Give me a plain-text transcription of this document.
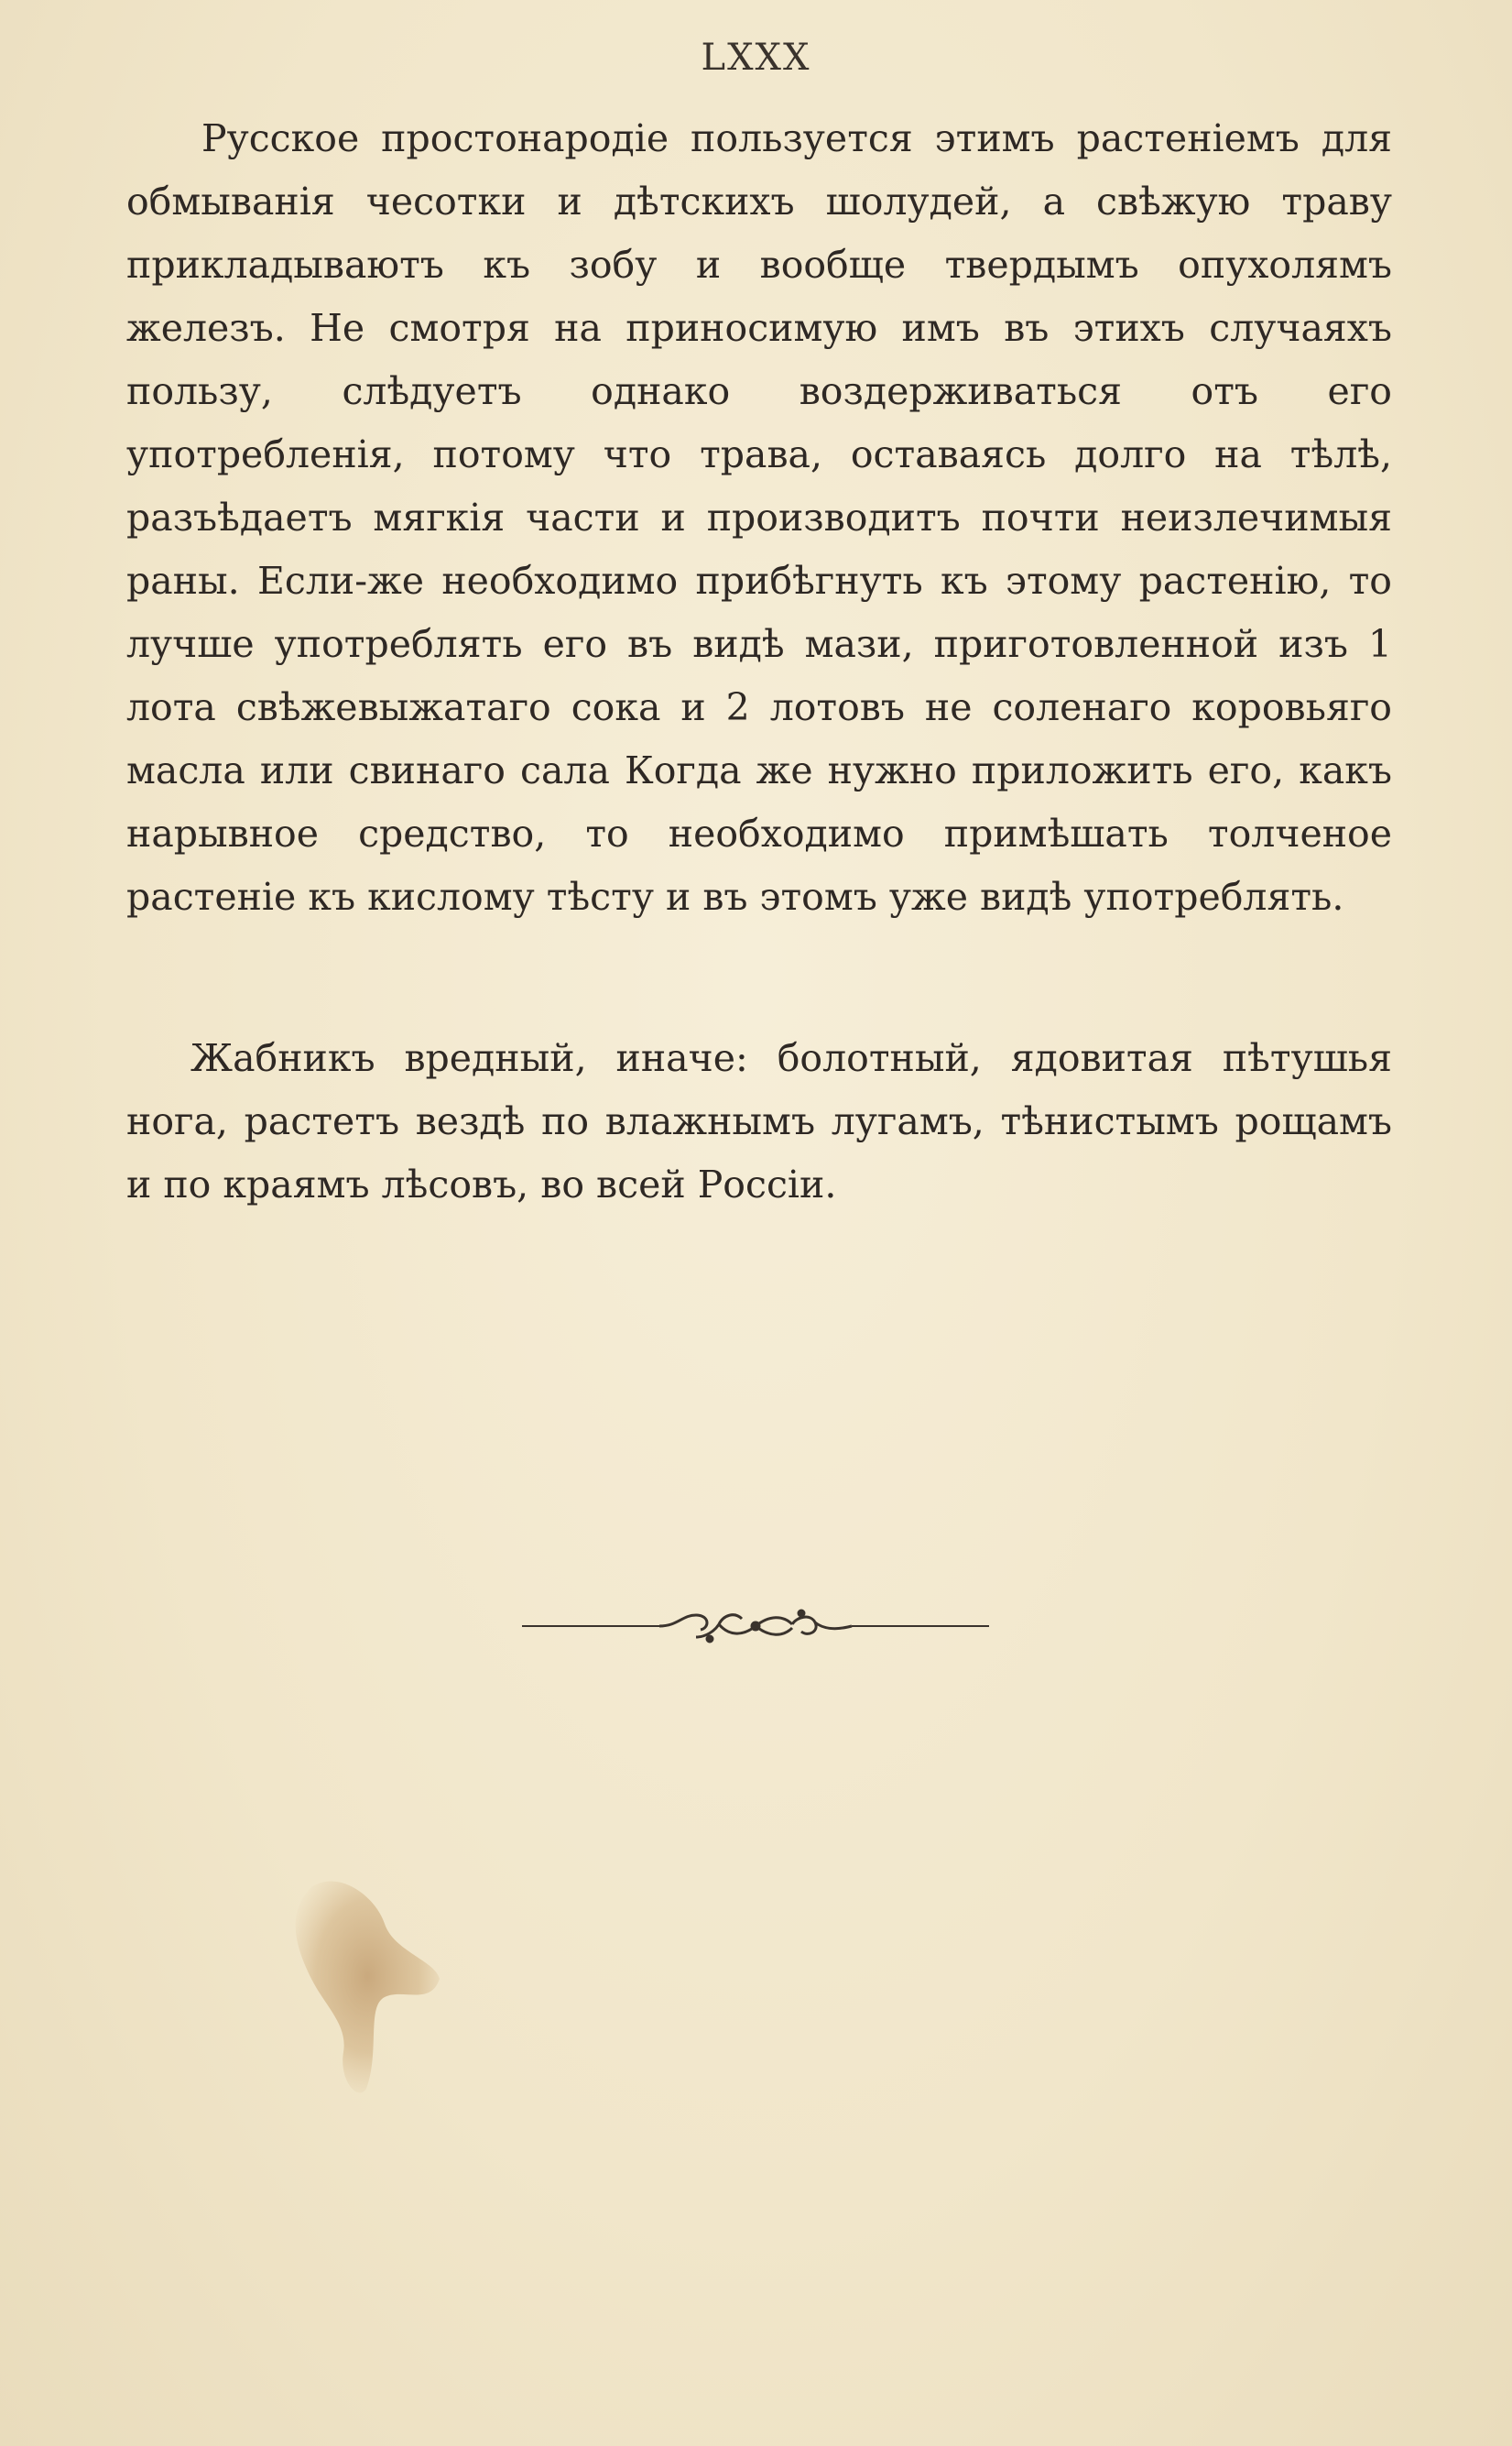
LXXX
Русское простонародіе пользуется этимъ растеніемъ для обмыванія чесотки и дѣтскихъ шолудей, а свѣжую траву прикладываютъ къ зобу и вообще твердымъ опухолямъ железъ. Не смотря на приносимую имъ въ этихъ случаяхъ пользу, слѣдуетъ однако воздерживаться отъ его употребленія, потому что трава, оставаясь долго на тѣлѣ, разъѣдаетъ мягкія части и производитъ почти неизлечимыя раны. Если-же необходимо прибѣгнуть къ этому растенію, то лучше употреблять его въ видѣ мази, приготовленной изъ 1 лота свѣжевыжатаго сока и 2 лотовъ не соленаго коровьяго масла или свинаго сала Когда же нужно приложить его, какъ нарывное средство, то необходимо примѣшать толченое растеніе къ кислому тѣсту и въ этомъ уже видѣ употреблять.
Жабникъ вредный, иначе: болотный, ядовитая пѣтушья нога, растетъ вездѣ по влажнымъ лугамъ, тѣнистымъ рощамъ и по краямъ лѣсовъ, во всей Россіи.
